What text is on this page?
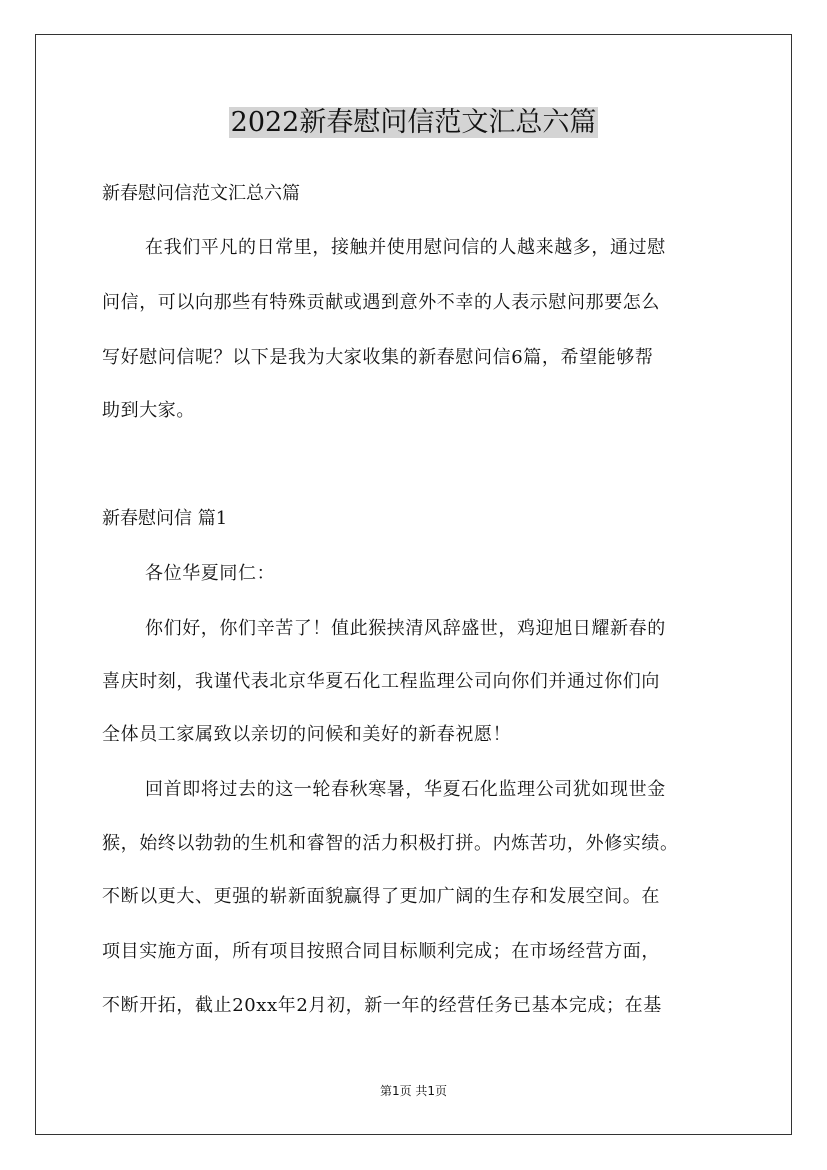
2022新春慰问信范文汇总六篇
新春慰问信范文汇总六篇
在我们平凡的日常里，接触并使用慰问信的人越来越多，通过慰
问信，可以向那些有特殊贡献或遇到意外不幸的人表示慰问那要怎么
写好慰问信呢？以下是我为大家收集的新春慰问信6篇，希望能够帮
助到大家。
新春慰问信 篇1
各位华夏同仁：
你们好，你们辛苦了！值此猴挟清风辞盛世，鸡迎旭日耀新春的
喜庆时刻，我谨代表北京华夏石化工程监理公司向你们并通过你们向
全体员工家属致以亲切的问候和美好的新春祝愿！
回首即将过去的这一轮春秋寒暑，华夏石化监理公司犹如现世金
猴，始终以勃勃的生机和睿智的活力积极打拼。内炼苦功，外修实绩。
不断以更大、更强的崭新面貌赢得了更加广阔的生存和发展空间。在
项目实施方面，所有项目按照合同目标顺利完成；在市场经营方面，
不断开拓，截止20xx年2月初，新一年的经营任务已基本完成；在基
第1页 共1页
